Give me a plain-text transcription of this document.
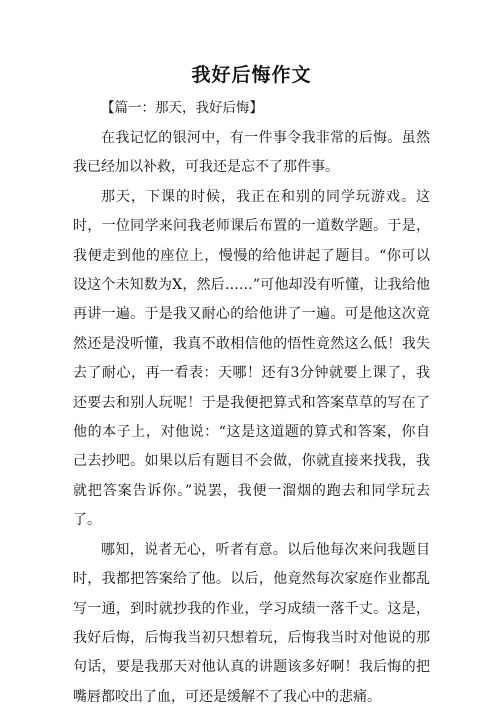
我好后悔作文
【篇一：那天，我好后悔】

在我记忆的银河中，有一件事令我非常的后悔。虽然我已经加以补救，可我还是忘不了那件事。

那天，下课的时候，我正在和别的同学玩游戏。这时，一位同学来问我老师课后布置的一道数学题。于是，我便走到他的座位上，慢慢的给他讲起了题目。“你可以设这个未知数为X，然后……”可他却没有听懂，让我给他再讲一遍。于是我又耐心的给他讲了一遍。可是他这次竟然还是没听懂，我真不敢相信他的悟性竟然这么低！我失去了耐心，再一看表：天哪！还有3分钟就要上课了，我还要去和别人玩呢！于是我便把算式和答案草草的写在了他的本子上，对他说：“这是这道题的算式和答案，你自己去抄吧。如果以后有题目不会做，你就直接来找我，我就把答案告诉你。”说罢，我便一溜烟的跑去和同学玩去了。

哪知，说者无心，听者有意。以后他每次来问我题目时，我都把答案给了他。以后，他竟然每次家庭作业都乱写一通，到时就抄我的作业，学习成绩一落千丈。这是，我好后悔，后悔我当初只想着玩，后悔我当时对他说的那句话，要是我那天对他认真的讲题该多好啊！我后悔的把嘴唇都咬出了血，可还是缓解不了我心中的悲痛。
